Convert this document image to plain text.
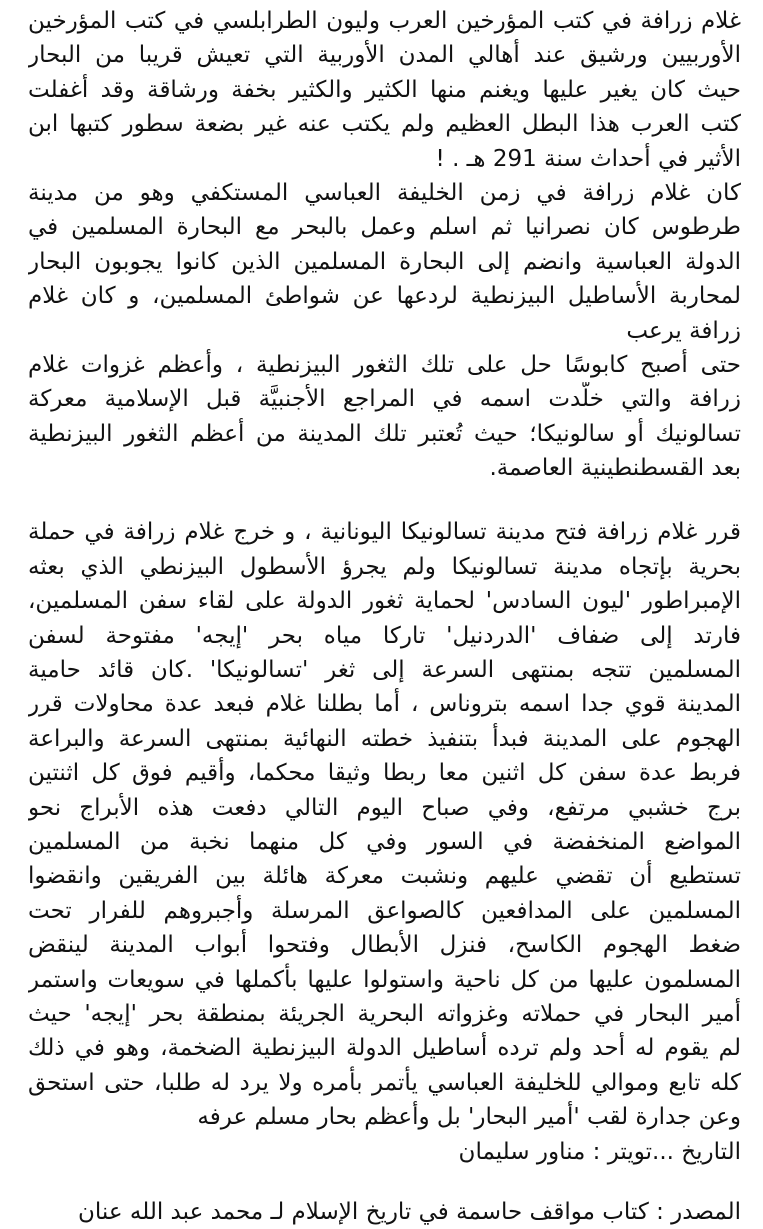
غلام زرافة في كتب المؤرخين العرب وليون الطرابلسي في كتب المؤرخين
الأوربيين ورشيق عند أهالي المدن الأوربية التي تعيش قريبا من البحار
حيث كان يغير عليها ويغنم منها الكثير والكثير بخفة ورشاقة وقد أغفلت
كتب العرب هذا البطل العظيم ولم يكتب عنه غير بضعة سطور كتبها ابن
الأثير في أحداث سنة 291 هـ . !
كان غلام زرافة في زمن الخليفة العباسي المستكفي وهو من مدينة
طرطوس كان نصرانيا ثم اسلم وعمل بالبحر مع البحارة المسلمين في
الدولة العباسية وانضم إلى البحارة المسلمين الذين كانوا يجوبون البحار
لمحاربة الأساطيل البيزنطية لردعها عن شواطئ المسلمين، و كان غلام
زرافة يرعب
حتى أصبح كابوسًا حل على تلك الثغور البيزنطية ، وأعظم غزوات غلام
زرافة والتي خلَّدت اسمه في المراجع الأجنبيَّة قبل الإسلامية معركة
تسالونيك أو سالونيكا؛ حيث تُعتبر تلك المدينة من أعظم الثغور البيزنطية
بعد القسطنطينية العاصمة.
قرر غلام زرافة فتح مدينة تسالونيكا اليونانية ، و خرج غلام زرافة في حملة
بحرية بإتجاه مدينة تسالونيكا ولم يجرؤ الأسطول البيزنطي الذي بعثه
الإمبراطور 'ليون السادس' لحماية ثغور الدولة على لقاء سفن المسلمين،
فارتد إلى ضفاف 'الدردنيل' تاركا مياه بحر 'إيجه' مفتوحة لسفن
المسلمين تتجه بمنتهى السرعة إلى ثغر 'تسالونيكا' .كان قائد حامية
المدينة قوي جدا اسمه بتروناس ، أما بطلنا غلام فبعد عدة محاولات قرر
الهجوم على المدينة فبدأ بتنفيذ خطته النهائية بمنتهى السرعة والبراعة
فربط عدة سفن كل اثنين معا ربطا وثيقا محكما، وأقيم فوق كل اثنتين
برج خشبي مرتفع، وفي صباح اليوم التالي دفعت هذه الأبراج نحو
المواضع المنخفضة في السور وفي كل منهما نخبة من المسلمين
تستطيع أن تقضي عليهم ونشبت معركة هائلة بين الفريقين وانقضوا
المسلمين على المدافعين كالصواعق المرسلة وأجبروهم للفرار تحت
ضغط الهجوم الكاسح، فنزل الأبطال وفتحوا أبواب المدينة لينقض
المسلمون عليها من كل ناحية واستولوا عليها بأكملها في سويعات واستمر
أمير البحار في حملاته وغزواته البحرية الجريئة بمنطقة بحر 'إيجه' حيث
لم يقوم له أحد ولم ترده أساطيل الدولة البيزنطية الضخمة، وهو في ذلك
كله تابع وموالي للخليفة العباسي يأتمر بأمره ولا يرد له طلبا، حتى استحق
وعن جدارة لقب 'أمير البحار' بل وأعظم بحار مسلم عرفه
التاريخ ...تويتر : مناور سليمان
المصدر : كتاب مواقف حاسمة في تاريخ الإسلام لـ محمد عبد الله عنان
